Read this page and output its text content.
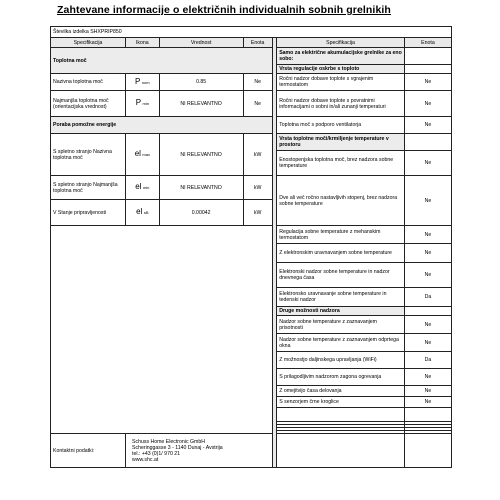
Zahtevane informacije o električnih individualnih sobnih grelnikih
Številka izdelka SHXPRIP850						
Specifikacija	Ikona	Vrednost	Enota		Specifikacija	Enota
Toplotna moč					Samo za električne akumulacijske grelnike za eno sobo:	
					Vrsta regulacije oskrbe s toploto	
Nazivna toplotna moč	P nom	0.85	Ne		Ročni nadzor dobave toplote s vgrajenim termostatom	Ne
Najmanjša toplotna moč (orientacijska vrednost)	P min	NI RELEVANTNO	Ne		Ročni nadzor dobave toplote s povratnimi informacijami o sobni in/ali zunanji temperaturi	Ne
Poraba pomožne energije					Toplotna moč s podporo ventilatorja	Ne
S spletno stranjo Nazivna toplotna moč	el max	NI RELEVANTNO	kW		Vrsta toplotne moči/krmiljenje temperature v prostoru	
					Enostopenjska toplotna moč, brez nadzora sobne temperature	Ne
S spletno stranjo Najmanjša toplotna moč	el min	NI RELEVANTNO	kW		Dve ali več ročno nastavljivih stopenj, brez nadzora sobne temperature	Ne
V Stanje pripravljenosti	el sB	0.00042	kW			
					Regulacija sobne temperature z mehanskim termostatom	Ne
					Z elektronskim uravnavanjem sobne temperature	Ne
					Elektronski nadzor sobne temperature in nadzor dnevnega časa	Ne
					Elektronsko uravnavanje sobne temperature in tedenski nadzor	Da
					Druge možnosti nadzora	
					Nadzor sobne temperature z zaznavanjem prisotnosti	Ne
					Nadzor sobne temperature z zaznavanjem odprtega okna	Ne
					Z možnostjo daljinskega upravljanja (WiFi)	Da
					S prilagodljivim nadzorom zagona ogrevanja	Ne
					Z omejitvijo časa delovanja	Ne
					S senzorjem črne kroglice	Ne

Kontaktni podatki:	Schuss Home Electronic GmbH
Scheringgasse 3 - 1140 Dunaj - Avstrija
tel.: +43 (0)1/ 970 21
www.shc.at					
